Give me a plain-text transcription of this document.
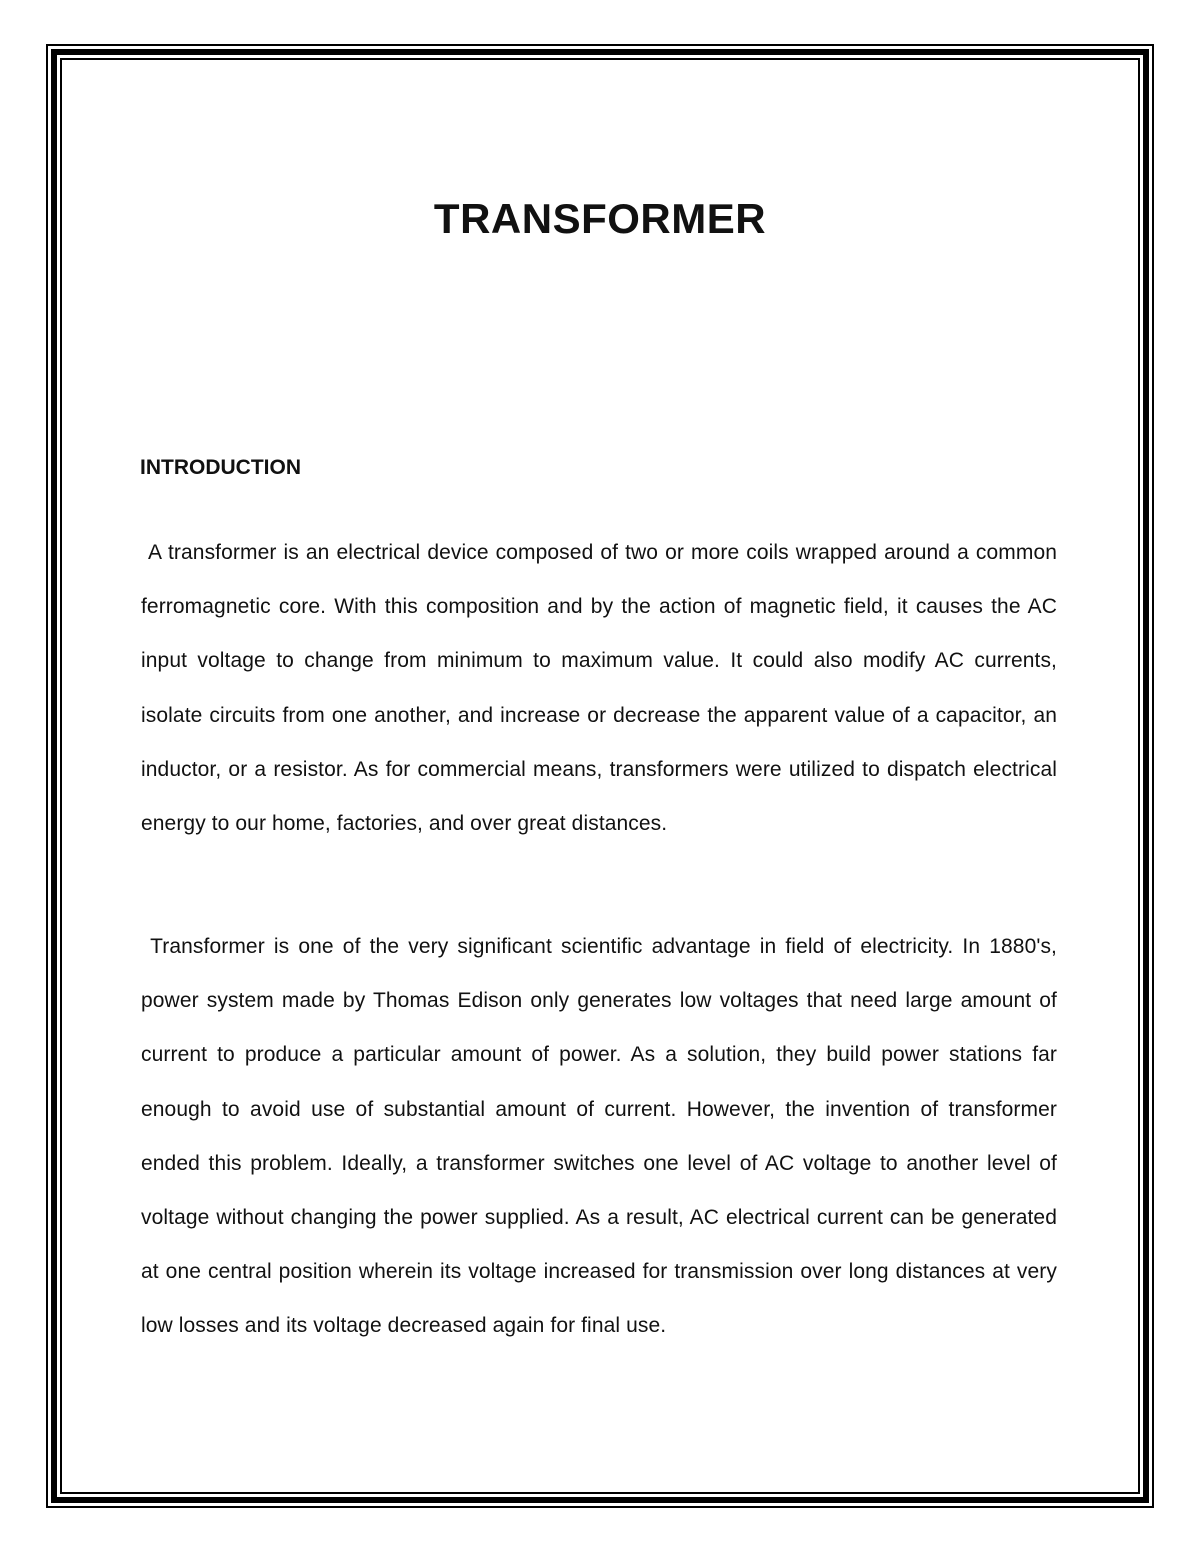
TRANSFORMER
INTRODUCTION

A transformer is an electrical device composed of two or more coils wrapped around a common ferromagnetic core. With this composition and by the action of magnetic field, it causes the AC input voltage to change from minimum to maximum value. It could also modify AC currents, isolate circuits from one another, and increase or decrease the apparent value of a capacitor, an inductor, or a resistor. As for commercial means, transformers were utilized to dispatch electrical energy to our home, factories, and over great distances.

Transformer is one of the very significant scientific advantage in field of electricity. In 1880's, power system made by Thomas Edison only generates low voltages that need large amount of current to produce a particular amount of power. As a solution, they build power stations far enough to avoid use of substantial amount of current. However, the invention of transformer ended this problem. Ideally, a transformer switches one level of AC voltage to another level of voltage without changing the power supplied. As a result, AC electrical current can be generated at one central position wherein its voltage increased for transmission over long distances at very low losses and its voltage decreased again for final use.
